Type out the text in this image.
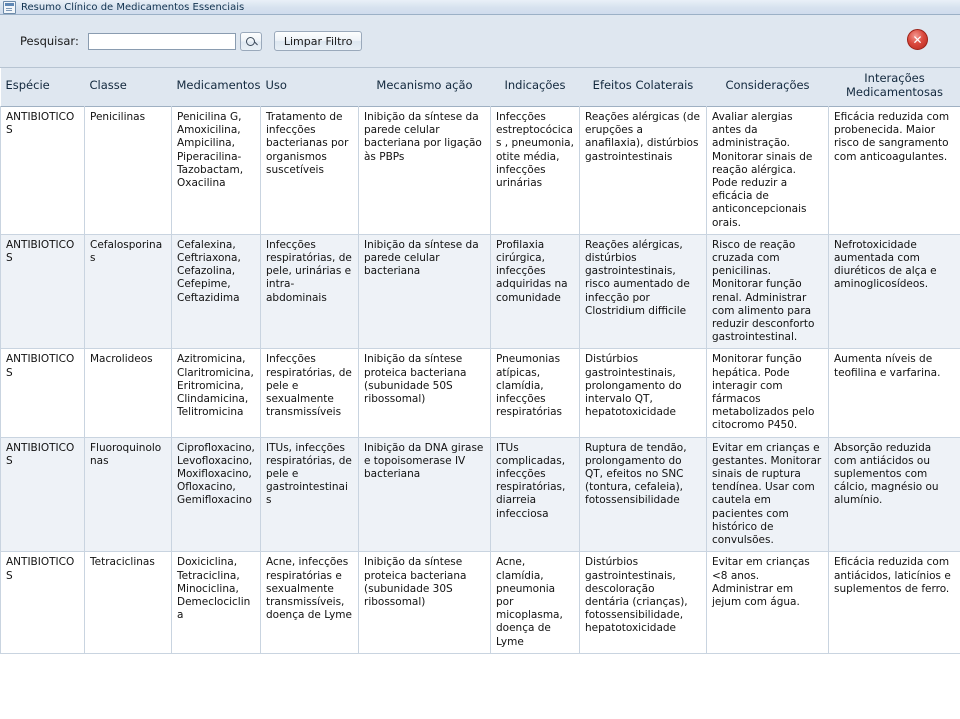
Resumo Clínico de Medicamentos Essenciais
Pesquisar:	Limpar Filtro	✕
Espécie	Classe	Medicamentos	Uso	Mecanismo ação	Indicações	Efeitos Colaterais	Considerações	Interações Medicamentosas
ANTIBIOTICOS	Penicilinas	Penicilina G, Amoxicilina, Ampicilina, Piperacilina-Tazobactam, Oxacilina	Tratamento de infecções bacterianas por organismos suscetíveis	Inibição da síntese da parede celular bacteriana por ligação às PBPs	Infecções estreptocócicas , pneumonia, otite média, infecções urinárias	Reações alérgicas (de erupções a anafilaxia), distúrbios gastrointestinais	Avaliar alergias antes da administração. Monitorar sinais de reação alérgica. Pode reduzir a eficácia de anticoncepcionais orais.	Eficácia reduzida com probenecida. Maior risco de sangramento com anticoagulantes.
ANTIBIOTICOS	Cefalosporinas	Cefalexina, Ceftriaxona, Cefazolina, Cefepime, Ceftazidima	Infecções respiratórias, de pele, urinárias e intra-abdominais	Inibição da síntese da parede celular bacteriana	Profilaxia cirúrgica, infecções adquiridas na comunidade	Reações alérgicas, distúrbios gastrointestinais, risco aumentado de infecção por Clostridium difficile	Risco de reação cruzada com penicilinas. Monitorar função renal. Administrar com alimento para reduzir desconforto gastrointestinal.	Nefrotoxicidade aumentada com diuréticos de alça e aminoglicosídeos.
ANTIBIOTICOS	Macrolideos	Azitromicina, Claritromicina, Eritromicina, Clindamicina, Telitromicina	Infecções respiratórias, de pele e sexualmente transmissíveis	Inibição da síntese proteica bacteriana (subunidade 50S ribossomal)	Pneumonias atípicas, clamídia, infecções respiratórias	Distúrbios gastrointestinais, prolongamento do intervalo QT, hepatotoxicidade	Monitorar função hepática. Pode interagir com fármacos metabolizados pelo citocromo P450.	Aumenta níveis de teofilina e varfarina.
ANTIBIOTICOS	Fluoroquinolonas	Ciprofloxacino, Levofloxacino, Moxifloxacino, Ofloxacino, Gemifloxacino	ITUs, infecções respiratórias, de pele e gastrointestinais	Inibição da DNA girase e topoisomerase IV bacteriana	ITUs complicadas, infecções respiratórias, diarreia infecciosa	Ruptura de tendão, prolongamento do QT, efeitos no SNC (tontura, cefaleia), fotossensibilidade	Evitar em crianças e gestantes. Monitorar sinais de ruptura tendínea. Usar com cautela em pacientes com histórico de convulsões.	Absorção reduzida com antiácidos ou suplementos com cálcio, magnésio ou alumínio.
ANTIBIOTICOS	Tetraciclinas	Doxiciclina, Tetraciclina, Minociclina, Demeclociclina	Acne, infecções respiratórias e sexualmente transmissíveis, doença de Lyme	Inibição da síntese proteica bacteriana (subunidade 30S ribossomal)	Acne, clamídia, pneumonia por micoplasma, doença de Lyme	Distúrbios gastrointestinais, descoloração dentária (crianças), fotossensibilidade, hepatotoxicidade	Evitar em crianças <8 anos. Administrar em jejum com água.	Eficácia reduzida com antiácidos, laticínios e suplementos de ferro.
